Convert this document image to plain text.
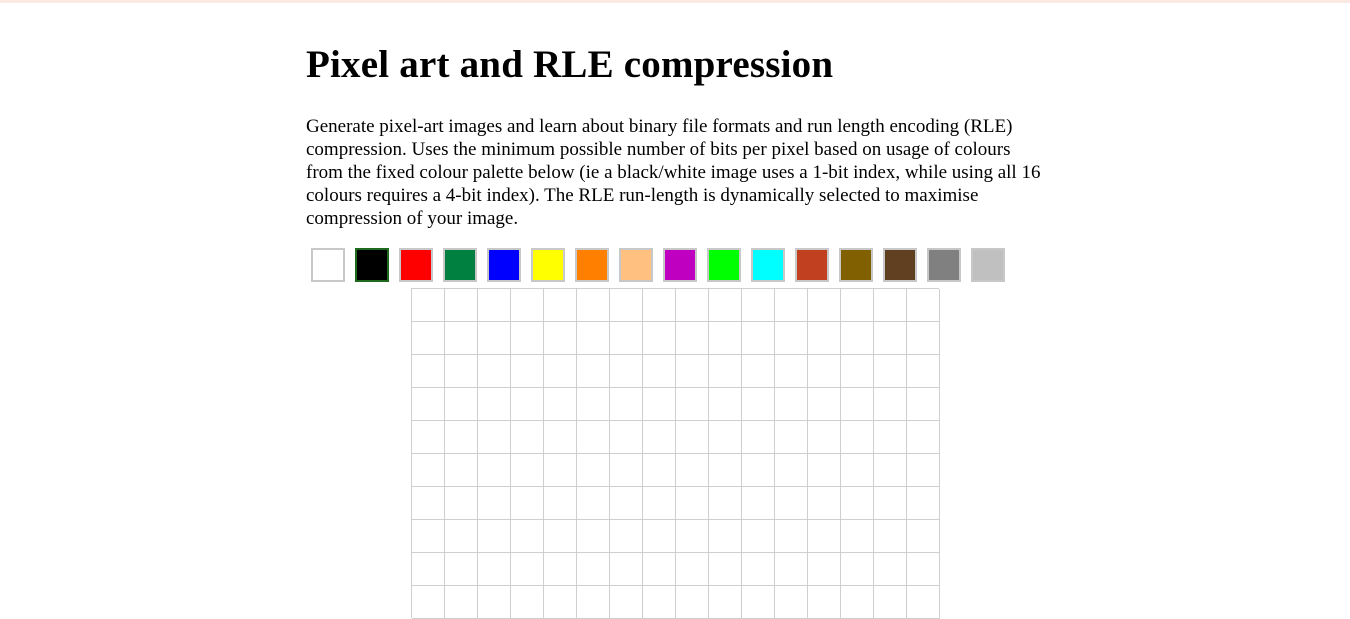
Pixel art and RLE compression

Generate pixel-art images and learn about binary file formats and run length encoding (RLE) compression. Uses the minimum possible number of bits per pixel based on usage of colours from the fixed colour palette below (ie a black/white image uses a 1-bit index, while using all 16 colours requires a 4-bit index). The RLE run-length is dynamically selected to maximise compression of your image.
